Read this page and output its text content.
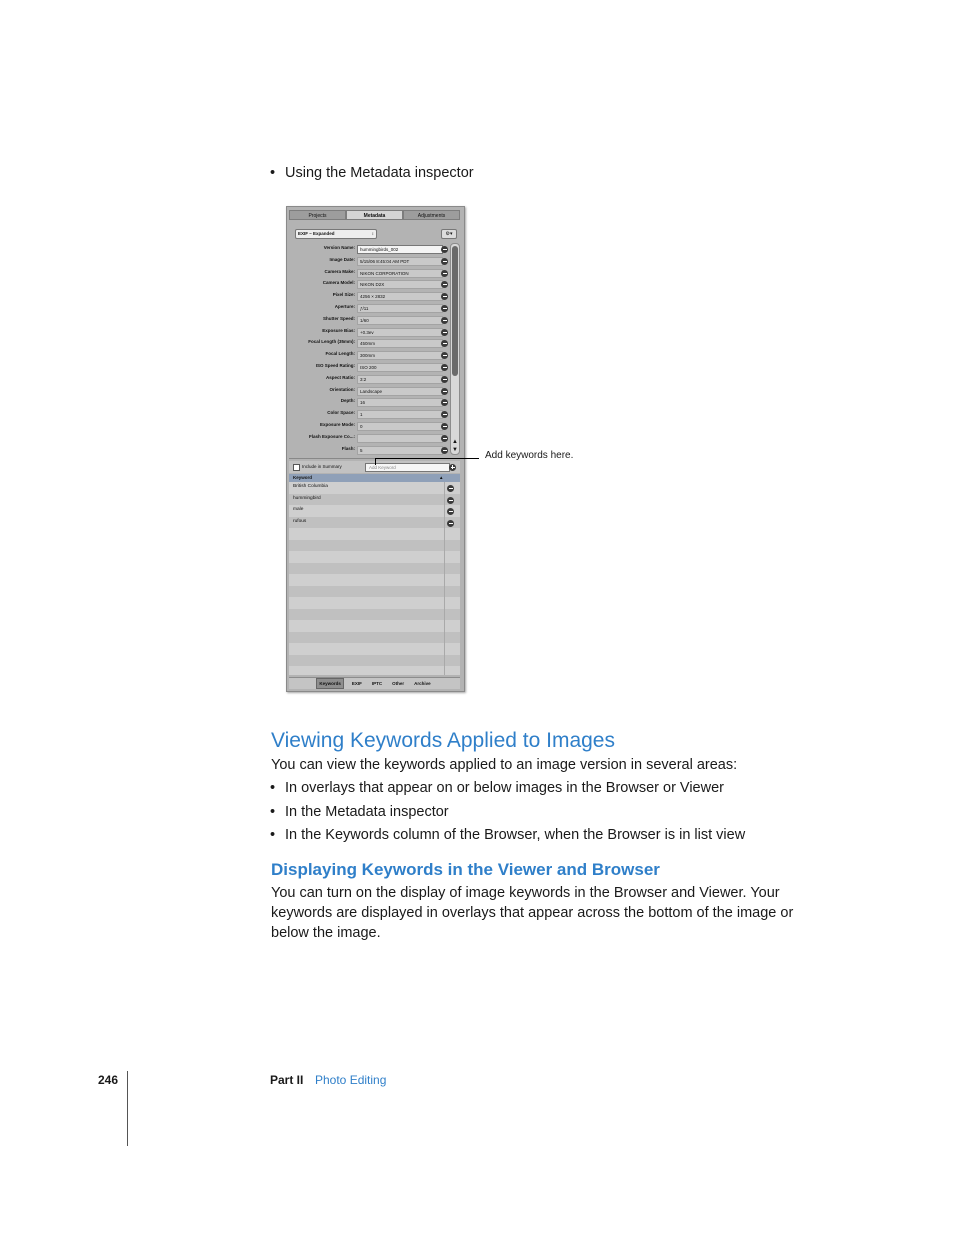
• Using the Metadata inspector
Projects	Metadata	Adjustments
EXIF – Expanded	↕	⚙▾
Version Name:	hummingbirds_002
Image Date:	5/15/06 8:45:04 AM PDT
Camera Make:	NIKON CORPORATION
Camera Model:	NIKON D2X
Pixel Size:	4256 × 2832
Aperture:	ƒ/11
Shutter Speed:	1/60
Exposure Bias:	+0.3ev
Focal Length (35mm):	450mm
Focal Length:	300mm
ISO Speed Rating:	ISO 200
Aspect Ratio:	3:2
Orientation:	Landscape
Depth:	16
Color Space:	1
Exposure Mode:	0
Flash Exposure Co...:
Flash:	5
▲
▼
Include in Summary	Add Keyword
Keyword	▲
British Columbia
hummingbird
male
rufous
Keywords	EXIF	IPTC	Other	Archive
Add keywords here.
Viewing Keywords Applied to Images
You can view the keywords applied to an image version in several areas:
• In overlays that appear on or below images in the Browser or Viewer
• In the Metadata inspector
• In the Keywords column of the Browser, when the Browser is in list view
Displaying Keywords in the Viewer and Browser
You can turn on the display of image keywords in the Browser and Viewer. Your
keywords are displayed in overlays that appear across the bottom of the image or
below the image.
246	Part II Photo Editing
